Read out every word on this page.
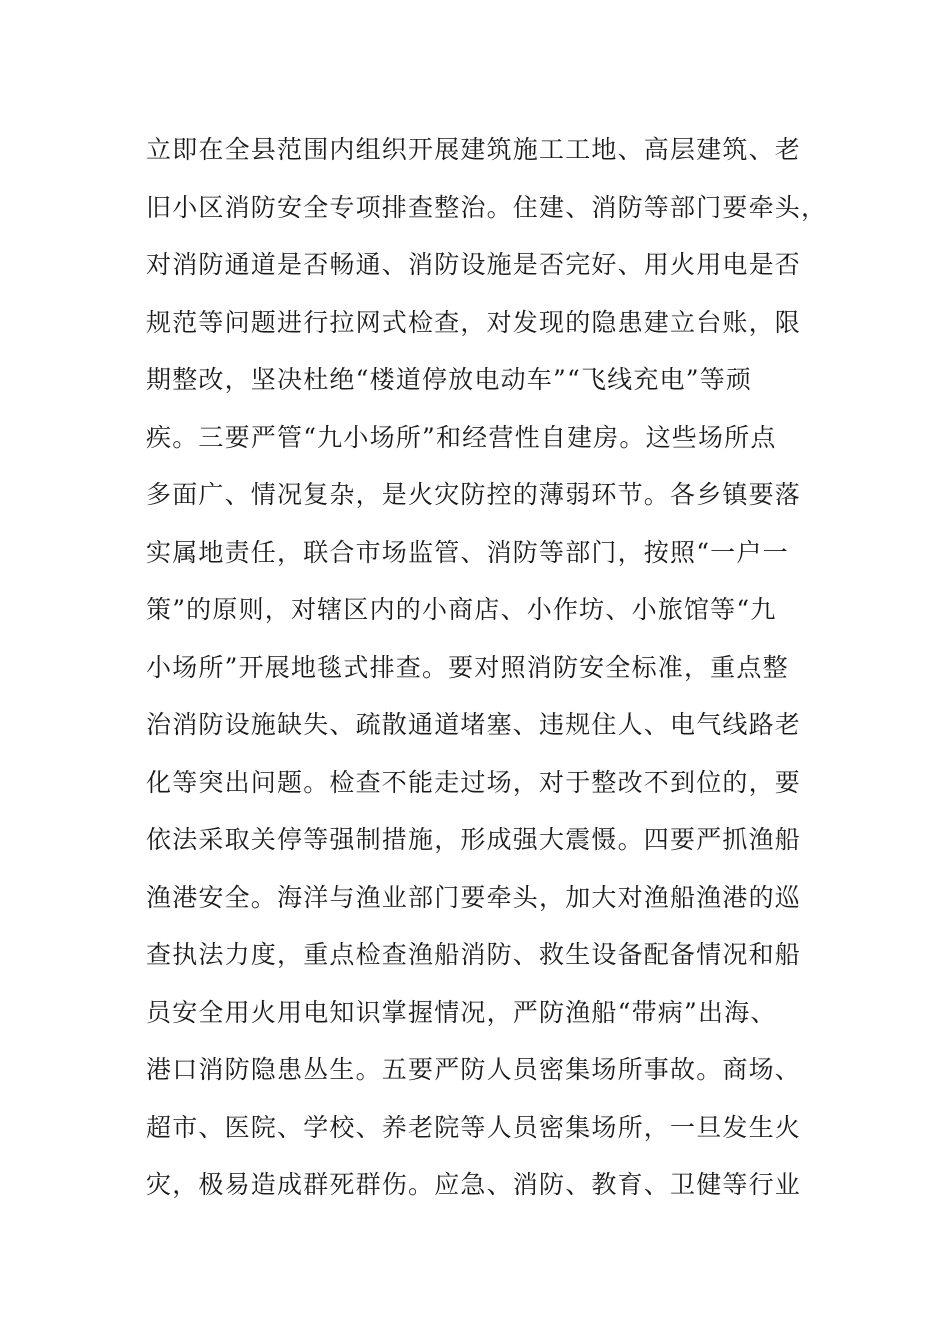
立即在全县范围内组织开展建筑施工工地、高层建筑、老
旧小区消防安全专项排查整治。住建、消防等部门要牵头，
对消防通道是否畅通、消防设施是否完好、用火用电是否
规范等问题进行拉网式检查，对发现的隐患建立台账，限
期整改，坚决杜绝“楼道停放电动车”“飞线充电”等顽
疾。三要严管“九小场所”和经营性自建房。这些场所点
多面广、情况复杂，是火灾防控的薄弱环节。各乡镇要落
实属地责任，联合市场监管、消防等部门，按照“一户一
策”的原则，对辖区内的小商店、小作坊、小旅馆等“九
小场所”开展地毯式排查。要对照消防安全标准，重点整
治消防设施缺失、疏散通道堵塞、违规住人、电气线路老
化等突出问题。检查不能走过场，对于整改不到位的，要
依法采取关停等强制措施，形成强大震慑。四要严抓渔船
渔港安全。海洋与渔业部门要牵头，加大对渔船渔港的巡
查执法力度，重点检查渔船消防、救生设备配备情况和船
员安全用火用电知识掌握情况，严防渔船“带病”出海、
港口消防隐患丛生。五要严防人员密集场所事故。商场、
超市、医院、学校、养老院等人员密集场所，一旦发生火
灾，极易造成群死群伤。应急、消防、教育、卫健等行业
